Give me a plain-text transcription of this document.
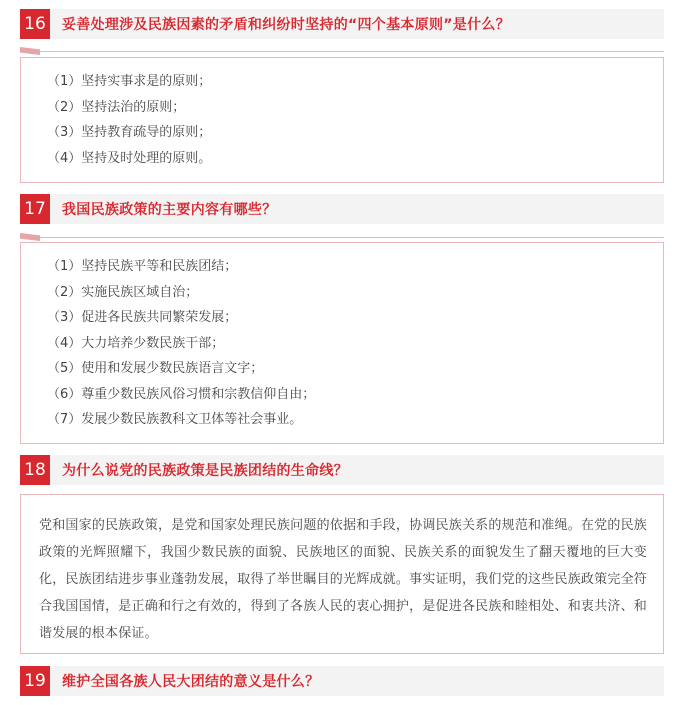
16 妥善处理涉及民族因素的矛盾和纠纷时坚持的“四个基本原则”是什么？
（1）坚持实事求是的原则；
（2）坚持法治的原则；
（3）坚持教育疏导的原则；
（4）坚持及时处理的原则。
17 我国民族政策的主要内容有哪些？
（1）坚持民族平等和民族团结；
（2）实施民族区域自治；
（3）促进各民族共同繁荣发展；
（4）大力培养少数民族干部；
（5）使用和发展少数民族语言文字；
（6）尊重少数民族风俗习惯和宗教信仰自由；
（7）发展少数民族教科文卫体等社会事业。
18 为什么说党的民族政策是民族团结的生命线？

党和国家的民族政策，是党和国家处理民族问题的依据和手段，协调民族关系的规范和准绳。在党的民族政策的光辉照耀下，我国少数民族的面貌、民族地区的面貌、民族关系的面貌发生了翻天覆地的巨大变化，民族团结进步事业蓬勃发展，取得了举世瞩目的光辉成就。事实证明，我们党的这些民族政策完全符合我国国情，是正确和行之有效的，得到了各族人民的衷心拥护，是促进各民族和睦相处、和衷共济、和谐发展的根本保证。

19 维护全国各族人民大团结的意义是什么？
